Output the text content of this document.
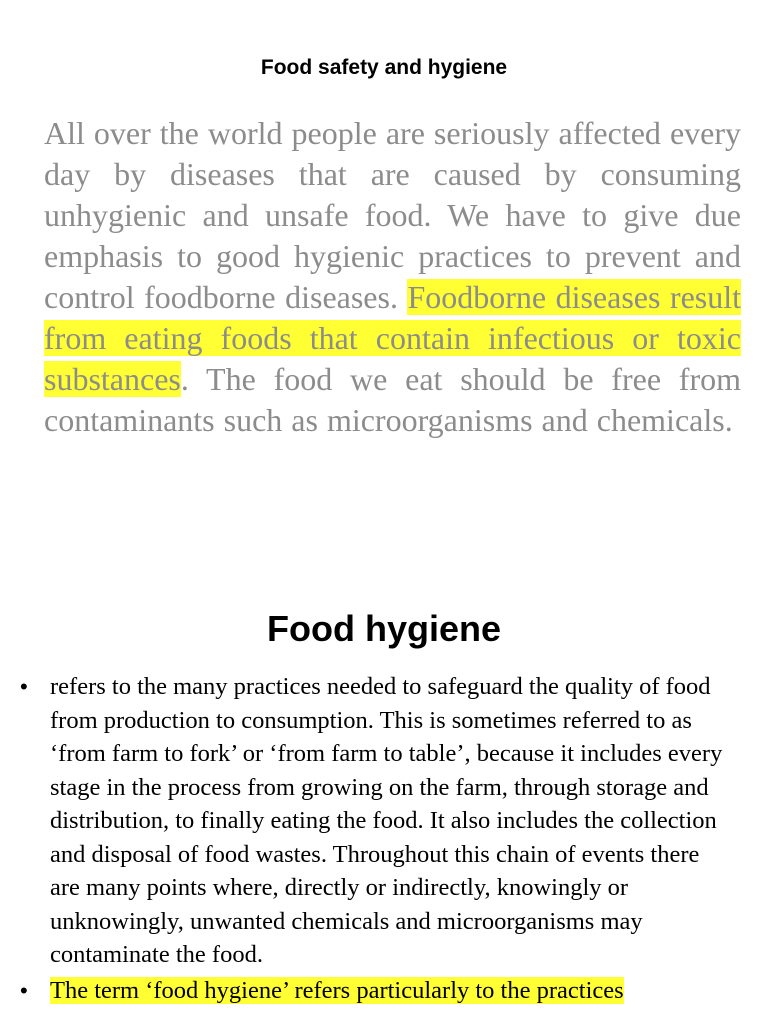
Food safety and hygiene

All over the world people are seriously affected every day by diseases that are caused by consuming unhygienic and unsafe food. We have to give due emphasis to good hygienic practices to prevent and control foodborne diseases. Foodborne diseases result from eating foods that contain infectious or toxic substances. The food we eat should be free from contaminants such as microorganisms and chemicals.

Food hygiene
• refers to the many practices needed to safeguard the quality of food from production to consumption. This is sometimes referred to as ‘from farm to fork’ or ‘from farm to table’, because it includes every stage in the process from growing on the farm, through storage and distribution, to finally eating the food. It also includes the collection and disposal of food wastes. Throughout this chain of events there are many points where, directly or indirectly, knowingly or unknowingly, unwanted chemicals and microorganisms may contaminate the food.
• The term ‘food hygiene’ refers particularly to the practices
